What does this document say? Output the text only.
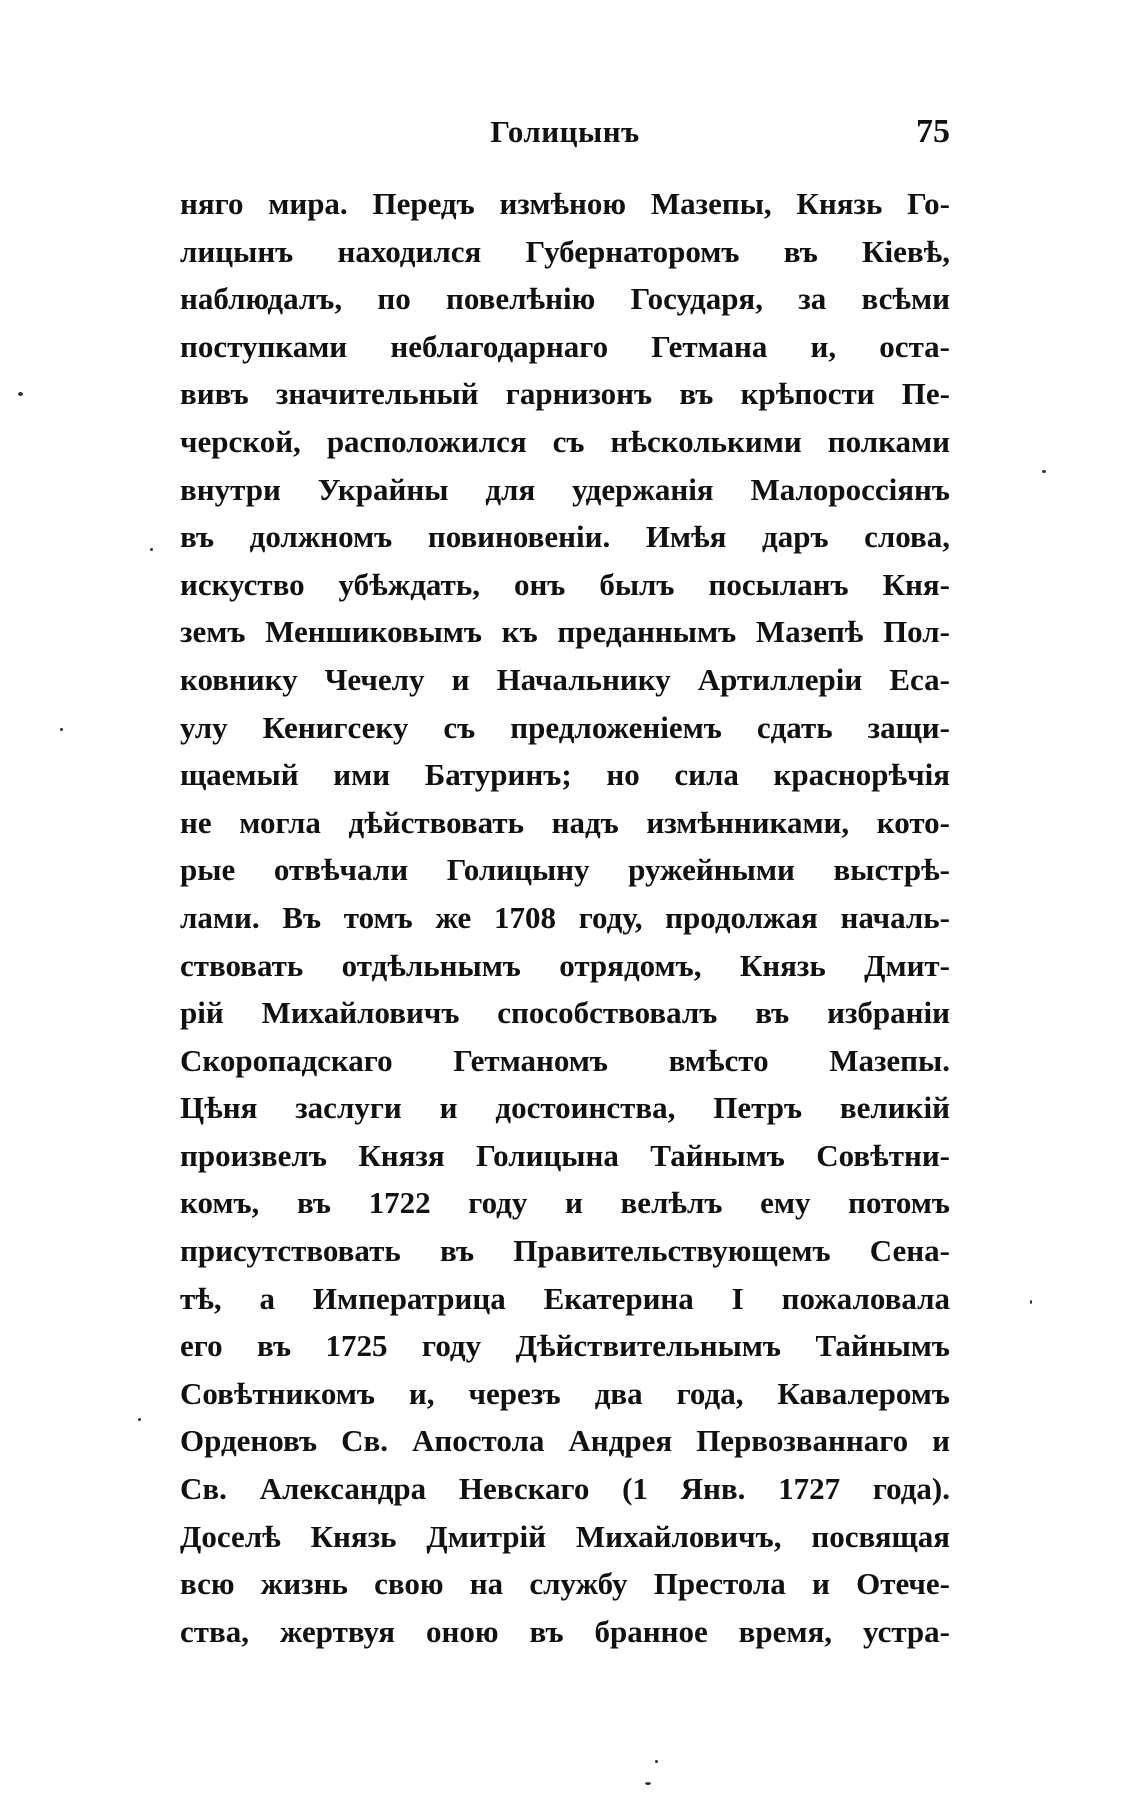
Голицынъ	75
няго мира. Передъ измѣною Мазепы, Князь Го-
лицынъ находился Губернаторомъ въ Кіевѣ,
наблюдалъ, по повелѣнію Государя, за всѣми
поступками неблагодарнаго Гетмана и, оста-
вивъ значительный гарнизонъ въ крѣпости Пе-
черской, расположился съ нѣсколькими полками
внутри Украйны для удержанія Малороссіянъ
въ должномъ повиновеніи. Имѣя даръ слова,
искуство убѣждать, онъ былъ посыланъ Кня-
земъ Меншиковымъ къ преданнымъ Мазепѣ Пол-
ковнику Чечелу и Начальнику Артиллеріи Еса-
улу Кенигсеку съ предложеніемъ сдать защи-
щаемый ими Батуринъ; но сила краснорѣчія
не могла дѣйствовать надъ измѣнниками, кото-
рые отвѣчали Голицыну ружейными выстрѣ-
лами. Въ томъ же 1708 году, продолжая началь-
ствовать отдѣльнымъ отрядомъ, Князь Дмит-
рій Михайловичъ способствовалъ въ избраніи
Скоропадскаго Гетманомъ вмѣсто Мазепы.
Цѣня заслуги и достоинства, Петръ великій
произвелъ Князя Голицына Тайнымъ Совѣтни-
комъ, въ 1722 году и велѣлъ ему потомъ
присутствовать въ Правительствующемъ Сена-
тѣ, а Императрица Екатерина I пожаловала
его въ 1725 году Дѣйствительнымъ Тайнымъ
Совѣтникомъ и, черезъ два года, Кавалеромъ
Орденовъ Св. Апостола Андрея Первозваннаго и
Св. Александра Невскаго (1 Янв. 1727 года).
Доселѣ Князь Дмитрій Михайловичъ, посвящая
всю жизнь свою на службу Престола и Отече-
ства, жертвуя оною въ бранное время, устра-
